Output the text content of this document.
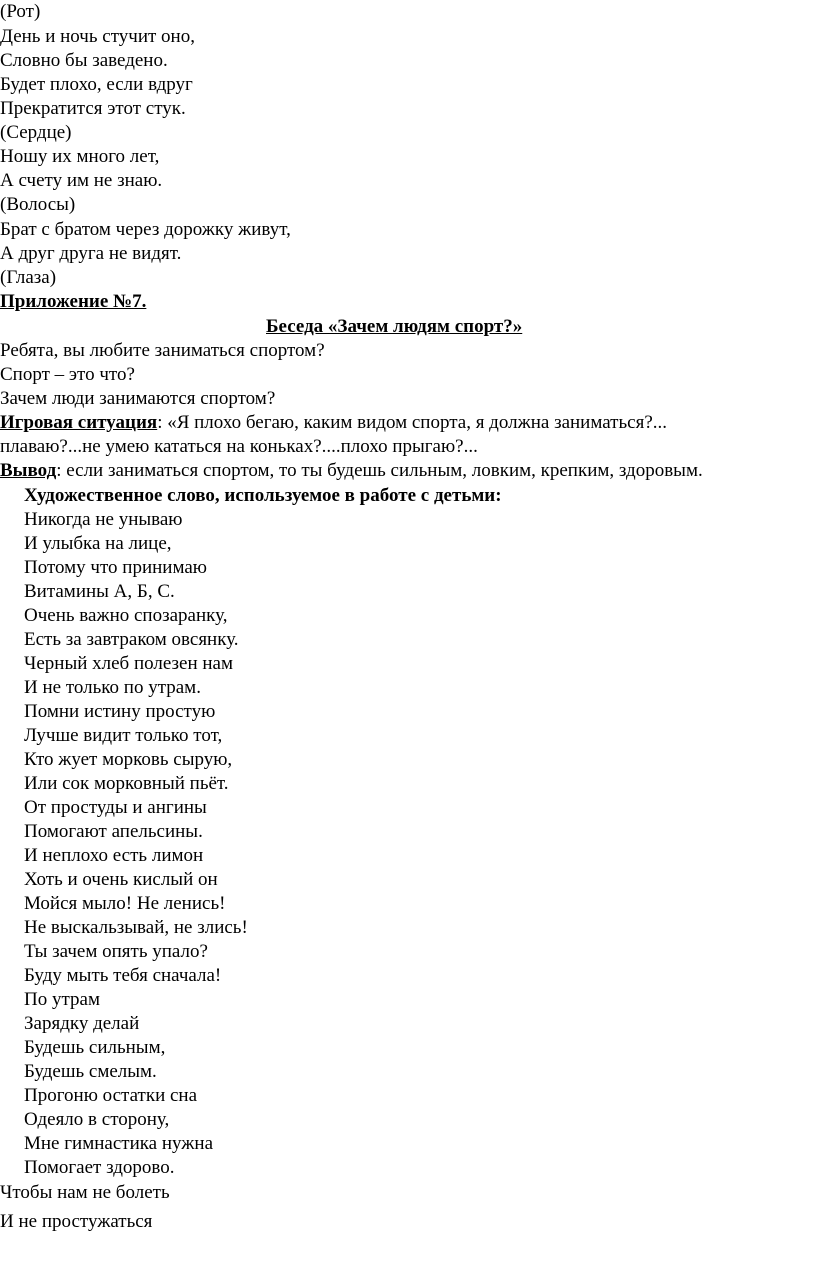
(Рот)
День и ночь стучит оно,
Словно бы заведено.
Будет плохо, если вдруг
Прекратится этот стук.
(Сердце)
Ношу их много лет,
А счету им не знаю.
(Волосы)
Брат с братом через дорожку живут,
А друг друга не видят.
(Глаза)
Приложение №7.
Беседа «Зачем людям спорт?»
Ребята, вы любите заниматься спортом?
Спорт – это что?
Зачем люди занимаются спортом?
Игровая ситуация: «Я плохо бегаю, каким видом спорта, я должна заниматься?...
плаваю?...не умею кататься на коньках?....плохо прыгаю?...
Вывод: если заниматься спортом, то ты будешь сильным, ловким, крепким, здоровым.
Художественное слово, используемое в работе с детьми:
Никогда не унываю
И улыбка на лице,
Потому что принимаю
Витамины А, Б, С.
Очень важно спозаранку,
Есть за завтраком овсянку.
Черный хлеб полезен нам
И не только по утрам.
Помни истину простую
Лучше видит только тот,
Кто жует морковь сырую,
Или сок морковный пьёт.
От простуды и ангины
Помогают апельсины.
И неплохо есть лимон
Хоть и очень кислый он
Мойся мыло! Не ленись!
Не выскальзывай, не злись!
Ты зачем опять упало?
Буду мыть тебя сначала!
По утрам
Зарядку делай
Будешь сильным,
Будешь смелым.
Прогоню остатки сна
Одеяло в сторону,
Мне гимнастика нужна
Помогает здорово.
Чтобы нам не болеть
И не простужаться
